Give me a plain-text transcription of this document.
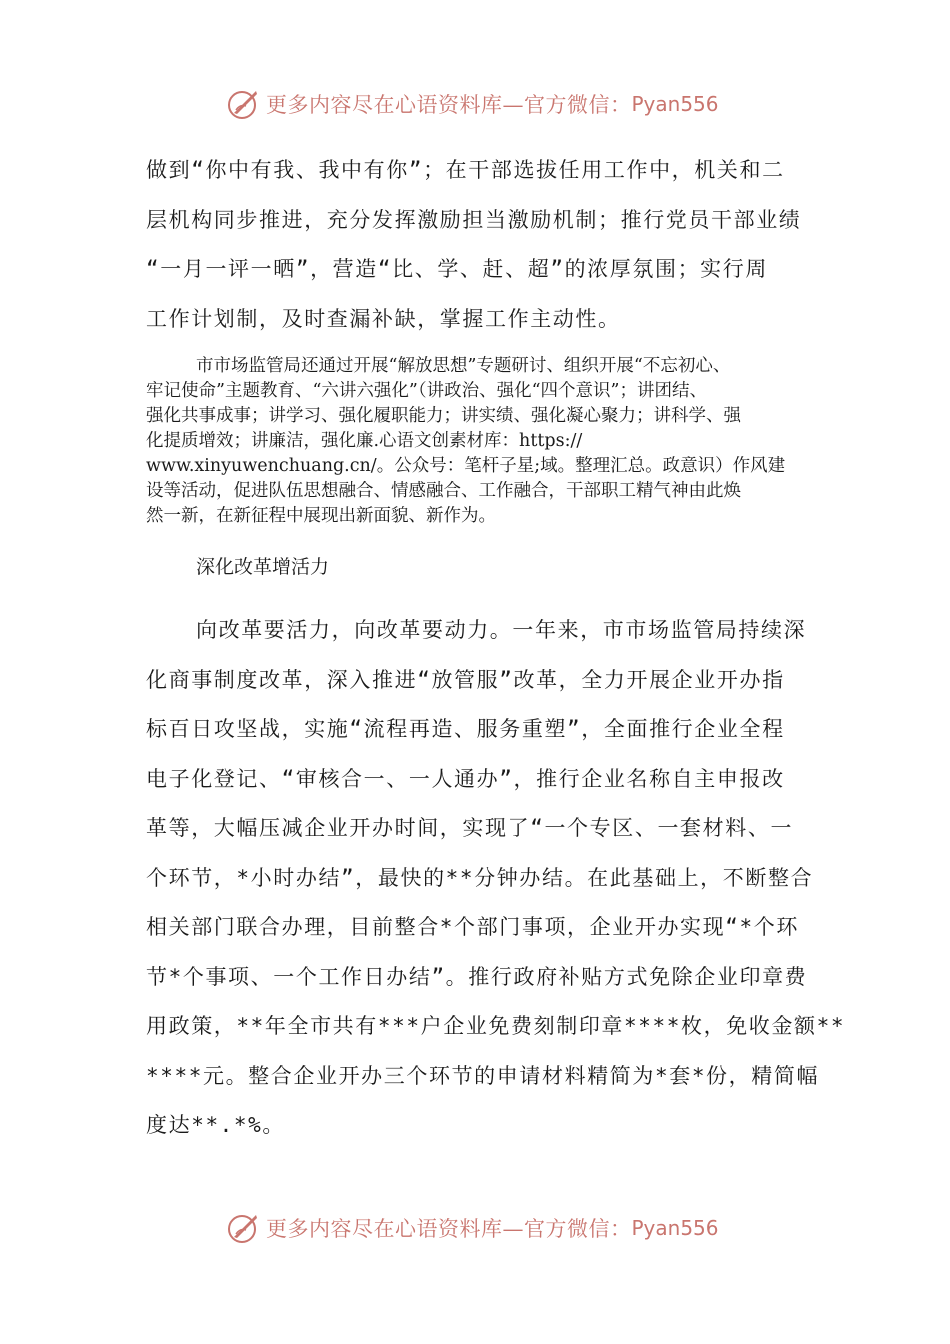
更多内容尽在心语资料库—官方微信： Pyan556
做到“你中有我、我中有你”；在干部选拔任用工作中，机关和二
层机构同步推进，充分发挥激励担当激励机制；推行党员干部业绩
“一月一评一晒”，营造“比、学、赶、超”的浓厚氛围；实行周
工作计划制，及时查漏补缺，掌握工作主动性。
市市场监管局还通过开展“解放思想”专题研讨、组织开展“不忘初心、
牢记使命”主题教育、“六讲六强化”（讲政治、强化“四个意识”；讲团结、
强化共事成事；讲学习、强化履职能力；讲实绩、强化凝心聚力；讲科学、强
化提质增效；讲廉洁，强化廉.心语文创素材库：https://
www.xinyuwenchuang.cn/。公众号：笔杆子星;域。整理汇总。政意识）作风建
设等活动，促进队伍思想融合、情感融合、工作融合，干部职工精气神由此焕
然一新，在新征程中展现出新面貌、新作为。
深化改革增活力
向改革要活力，向改革要动力。一年来，市市场监管局持续深
化商事制度改革，深入推进“放管服”改革，全力开展企业开办指
标百日攻坚战，实施“流程再造、服务重塑”，全面推行企业全程
电子化登记、“审核合一、一人通办”，推行企业名称自主申报改
革等，大幅压减企业开办时间，实现了“一个专区、一套材料、一
个环节，*小时办结”，最快的**分钟办结。在此基础上，不断整合
相关部门联合办理，目前整合*个部门事项，企业开办实现“*个环
节*个事项、一个工作日办结”。推行政府补贴方式免除企业印章费
用政策，**年全市共有***户企业免费刻制印章****枚，免收金额**
****元。整合企业开办三个环节的申请材料精简为*套*份，精简幅
度达**.*%。
更多内容尽在心语资料库—官方微信： Pyan556
